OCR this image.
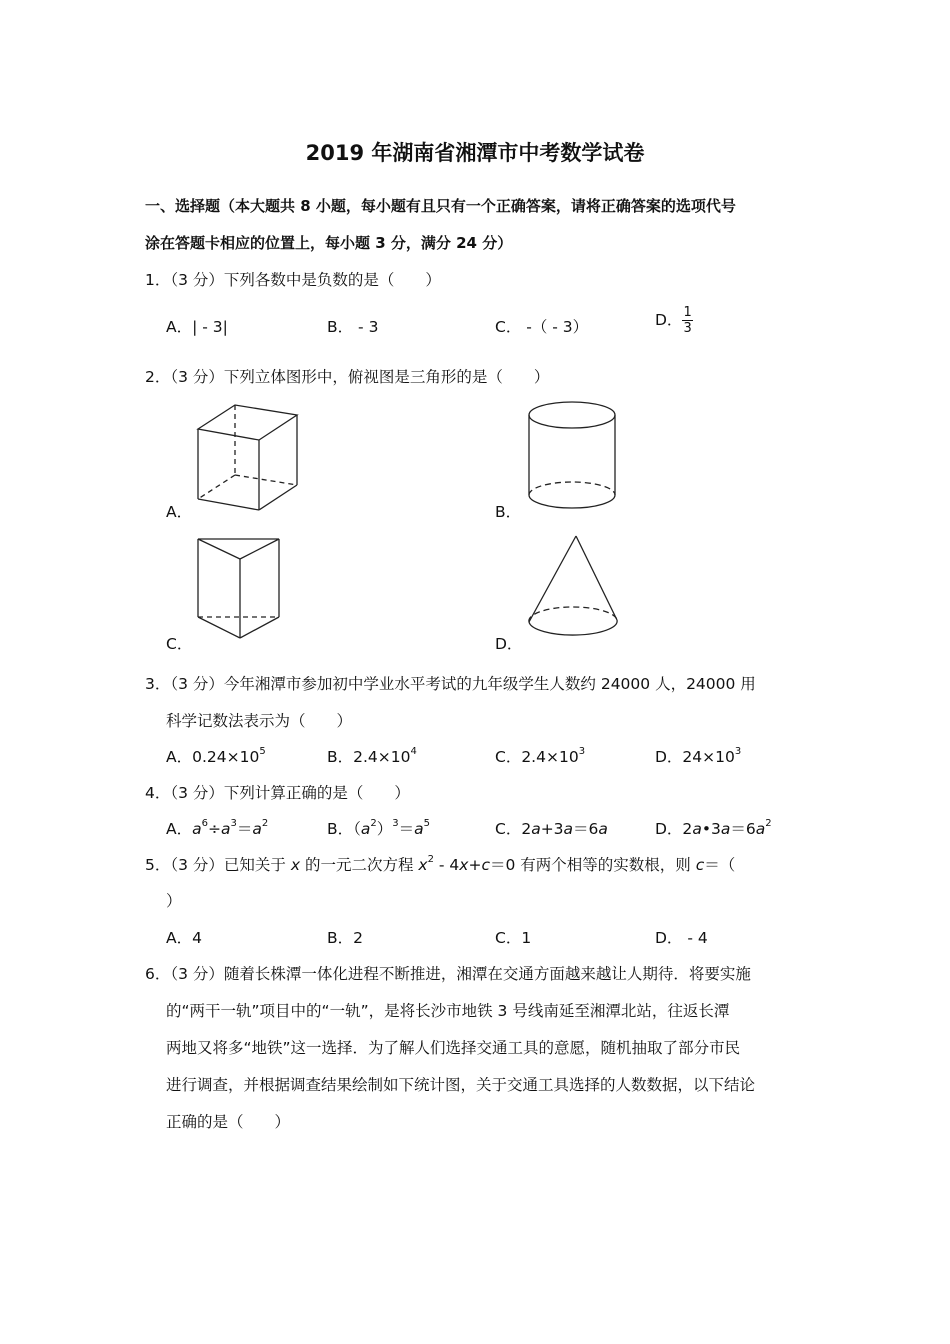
2019 年湖南省湘潭市中考数学试卷
一、选择题（本大题共 8 小题，每小题有且只有一个正确答案，请将正确答案的选项代号
涂在答题卡相应的位置上，每小题 3 分，满分 24 分）
1．（3 分）下列各数中是负数的是（　　）
A．| ‐ 3|	B． ‐ 3	C． ‐（ ‐ 3）	D． $\frac{1}{3}$
2．（3 分）下列立体图形中，俯视图是三角形的是（　　）
A．	B．
C．	D．
3．（3 分）今年湘潭市参加初中学业水平考试的九年级学生人数约 24000 人，24000 用
科学记数法表示为（　　）
A．$0.24\times 10^5$	B．$2.4\times 10^4$	C．$2.4\times 10^3$	D．$24\times 10^3$
4．（3 分）下列计算正确的是（　　）
A．$a^6\div a^3=a^2$	B．$(a^2)^3=a^5$	C．2a+3a＝6a	D．$2a•3a=6a^2$
5．（3 分）已知关于 x 的一元二次方程 $x^2$ ‐ 4x+c＝0 有两个相等的实数根，则 c＝（
）
A．4	B．2	C．1	D． ‐ 4
6．（3 分）随着长株潭一体化进程不断推进，湘潭在交通方面越来越让人期待．将要实施
的“两干一轨”项目中的“一轨”，是将长沙市地铁 3 号线南延至湘潭北站，往返长潭
两地又将多“地铁”这一选择．为了解人们选择交通工具的意愿，随机抽取了部分市民
进行调查，并根据调查结果绘制如下统计图，关于交通工具选择的人数数据，以下结论
正确的是（　　）
